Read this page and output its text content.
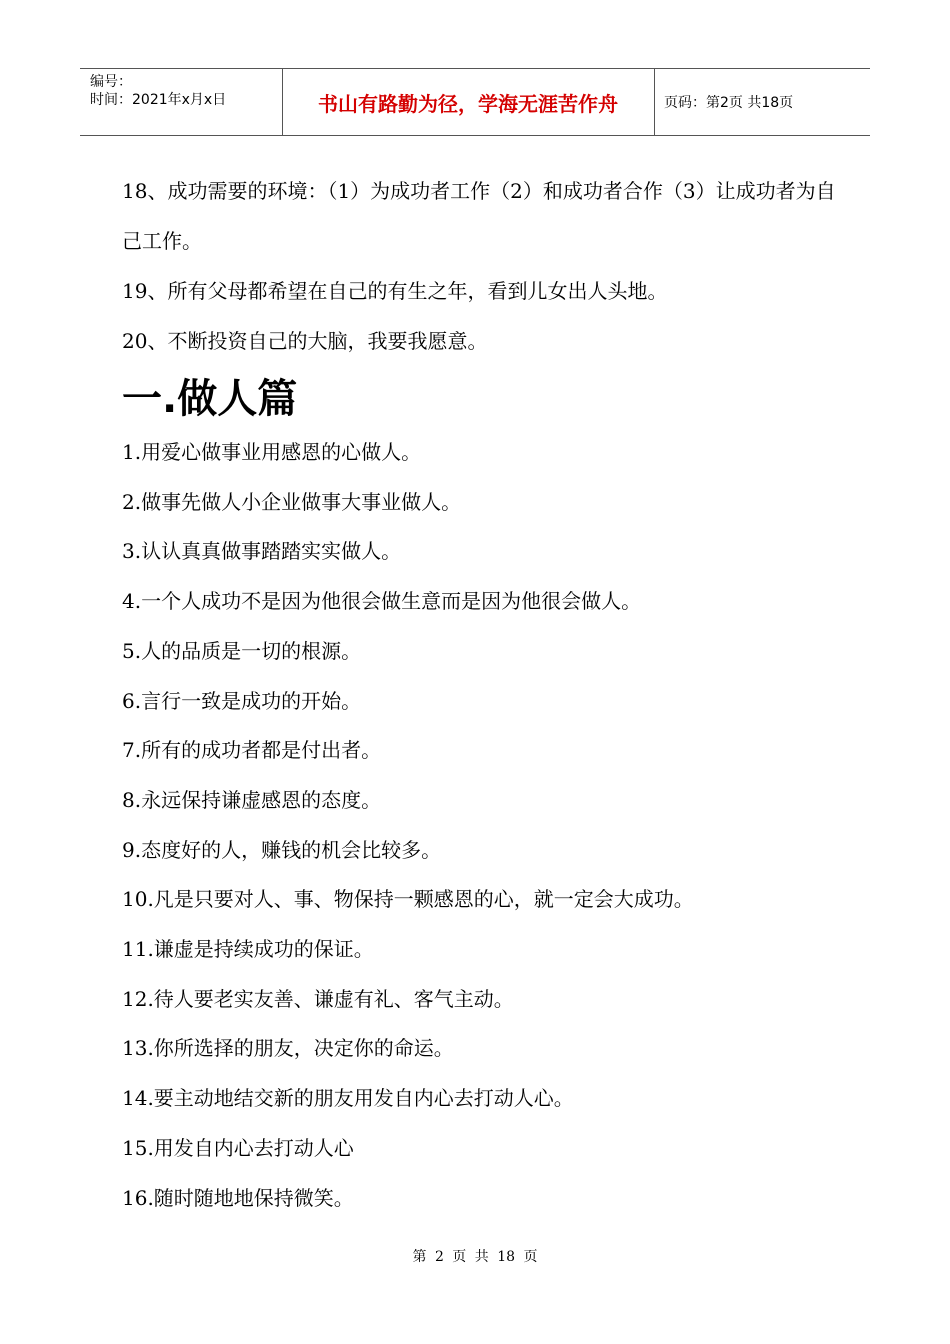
编号：
时间：2021年x月x日	书山有路勤为径，学海无涯苦作舟	页码：第2页 共18页
18、成功需要的环境：（1）为成功者工作（2）和成功者合作（3）让成功者为自己工作。
19、所有父母都希望在自己的有生之年，看到儿女出人头地。
20、不断投资自己的大脑，我要我愿意。
一.做人篇
1.用爱心做事业用感恩的心做人。
2.做事先做人小企业做事大事业做人。
3.认认真真做事踏踏实实做人。
4.一个人成功不是因为他很会做生意而是因为他很会做人。
5.人的品质是一切的根源。
6.言行一致是成功的开始。
7.所有的成功者都是付出者。
8.永远保持谦虚感恩的态度。
9.态度好的人，赚钱的机会比较多。
10.凡是只要对人、事、物保持一颗感恩的心，就一定会大成功。
11.谦虚是持续成功的保证。
12.待人要老实友善、谦虚有礼、客气主动。
13.你所选择的朋友，决定你的命运。
14.要主动地结交新的朋友用发自内心去打动人心。
15.用发自内心去打动人心
16.随时随地地保持微笑。
第 2 页 共 18 页
